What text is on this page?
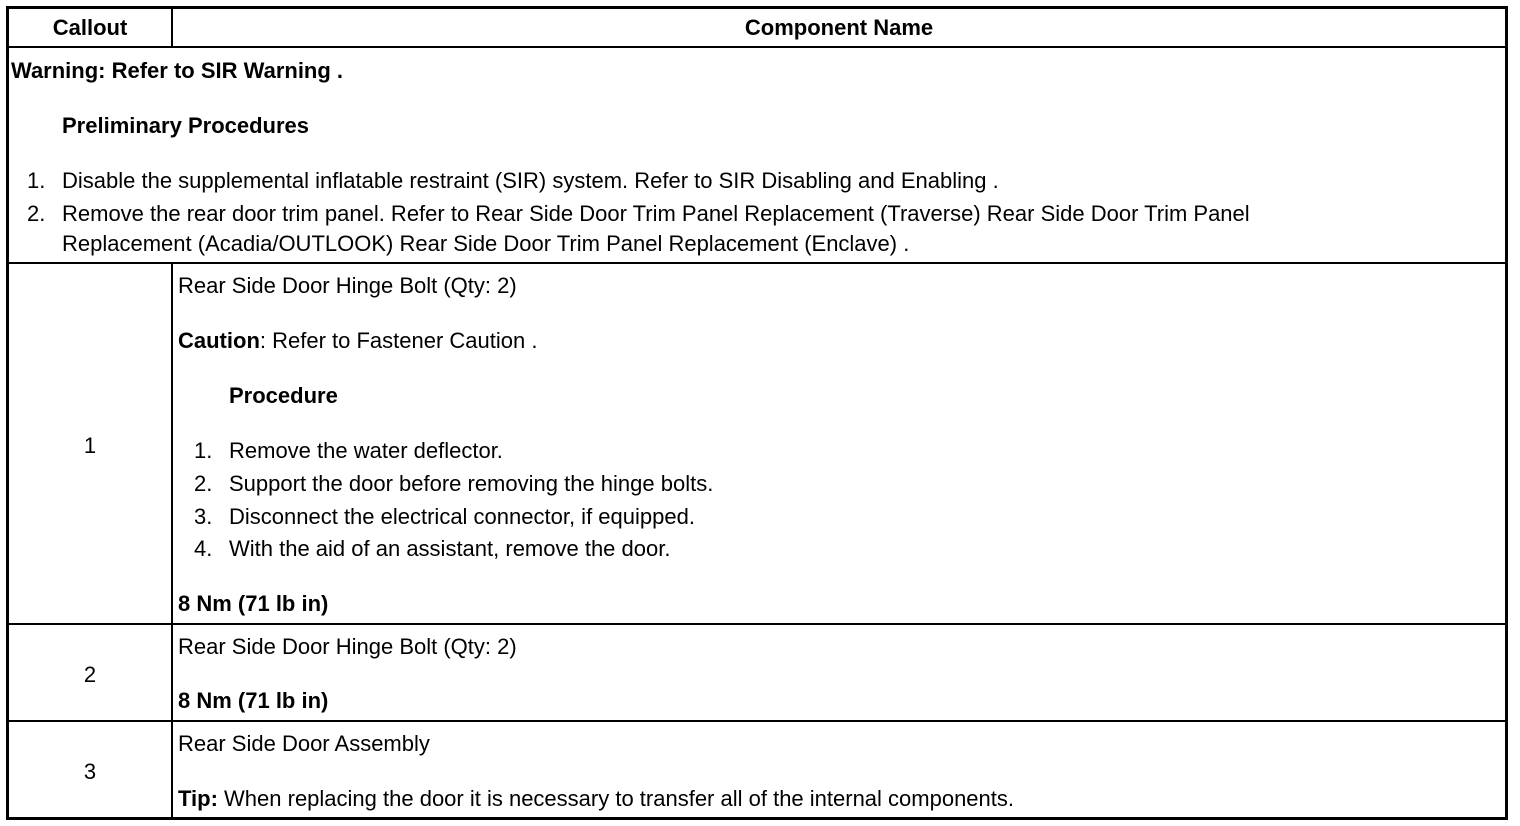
Callout	Component Name
Warning: Refer to SIR Warning .
Preliminary Procedures
1. Disable the supplemental inflatable restraint (SIR) system. Refer to SIR Disabling and Enabling .
2. Remove the rear door trim panel. Refer to Rear Side Door Trim Panel Replacement (Traverse) Rear Side Door Trim Panel
Replacement (Acadia/OUTLOOK) Rear Side Door Trim Panel Replacement (Enclave) .
1
Rear Side Door Hinge Bolt (Qty: 2)
Caution: Refer to Fastener Caution .
Procedure
1. Remove the water deflector.
2. Support the door before removing the hinge bolts.
3. Disconnect the electrical connector, if equipped.
4. With the aid of an assistant, remove the door.
8 Nm (71 lb in)
2
Rear Side Door Hinge Bolt (Qty: 2)
8 Nm (71 lb in)
3
Rear Side Door Assembly
Tip: When replacing the door it is necessary to transfer all of the internal components.
